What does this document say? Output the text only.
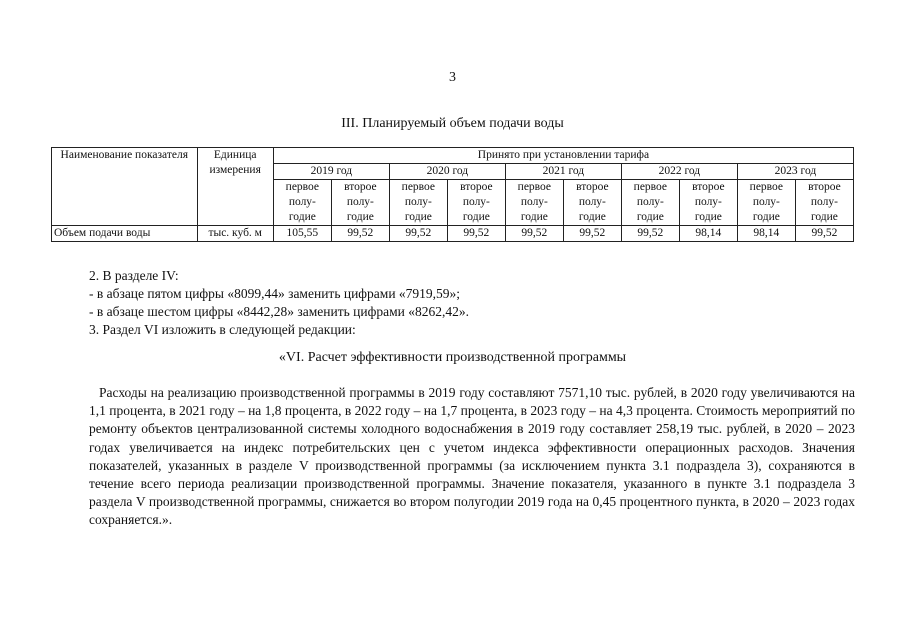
3
III. Планируемый объем подачи воды
Наименование показателя	Единица измерения	Принято при установлении тарифа									
		2019 год		2020 год		2021 год		2022 год		2023 год	
		первое полу-годие	второе полу-годие	первое полу-годие	второе полу-годие	первое полу-годие	второе полу-годие	первое полу-годие	второе полу-годие	первое полу-годие	второе полу-годие
Объем подачи воды	тыс. куб. м	105,55	99,52	99,52	99,52	99,52	99,52	99,52	98,14	98,14	99,52
2. В разделе IV:
- в абзаце пятом цифры «8099,44» заменить цифрами «7919,59»;
- в абзаце шестом цифры «8442,28» заменить цифрами «8262,42».
3. Раздел VI изложить в следующей редакции:
«VI. Расчет эффективности производственной программы
Расходы на реализацию производственной программы в 2019 году составляют 7571,10 тыс. рублей, в 2020 году увеличиваются на 1,1 процента, в 2021 году – на 1,8 процента, в 2022 году – на 1,7 процента, в 2023 году – на 4,3 процента. Стоимость мероприятий по ремонту объектов централизованной системы холодного водоснабжения в 2019 году составляет 258,19 тыс. рублей, в 2020 – 2023 годах увеличивается на индекс потребительских цен с учетом индекса эффективности операционных расходов. Значения показателей, указанных в разделе V производственной программы (за исключением пункта 3.1 подраздела 3), сохраняются в течение всего периода реализации производственной программы. Значение показателя, указанного в пункте 3.1 подраздела 3 раздела V производственной программы, снижается во втором полугодии 2019 года на 0,45 процентного пункта, в 2020 – 2023 годах сохраняется.».
